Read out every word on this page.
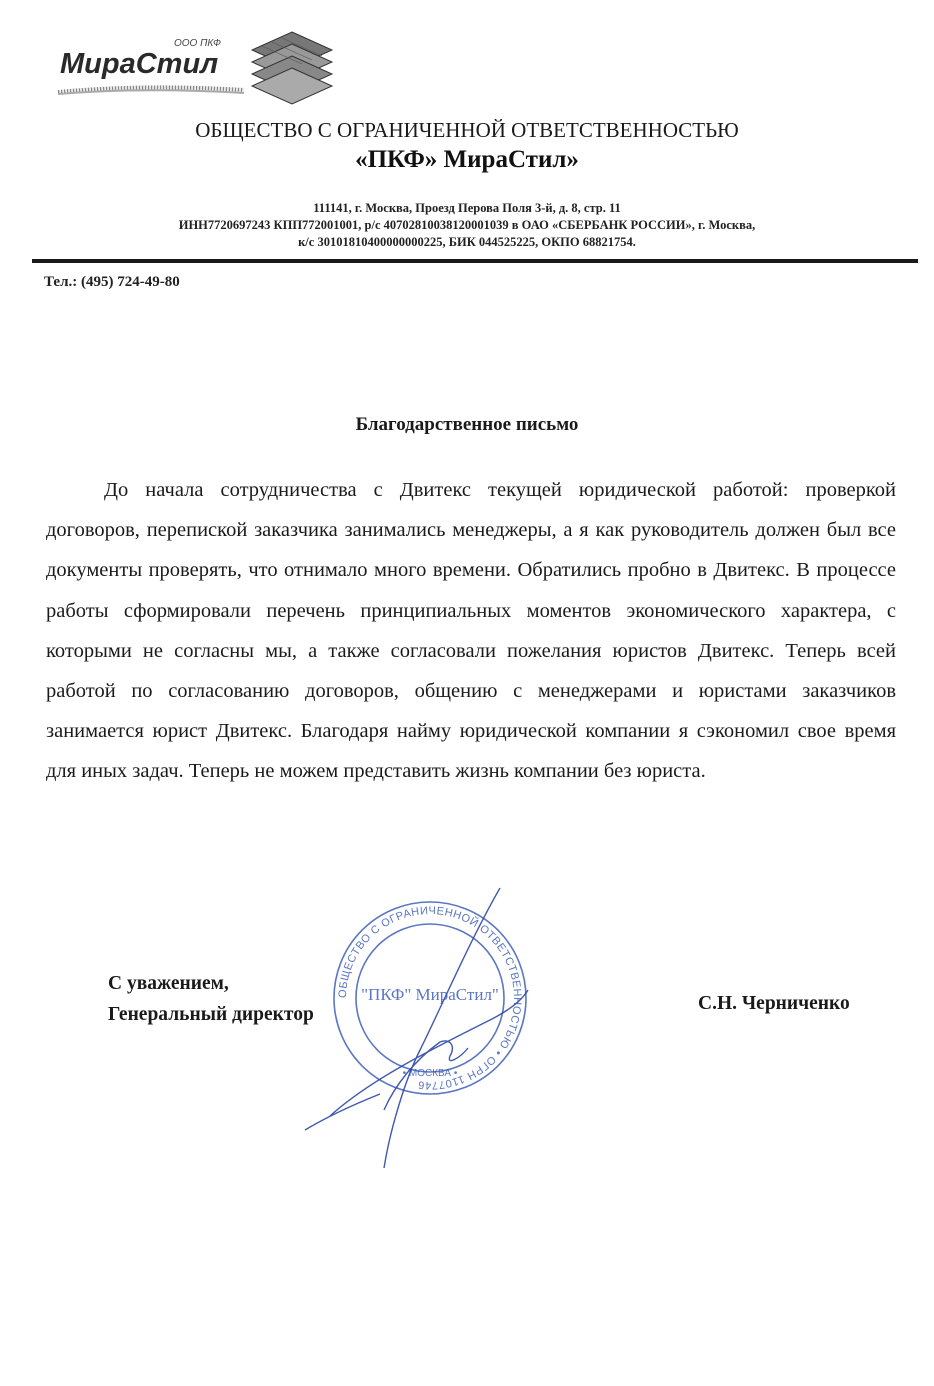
ООО ПКФ
МираСтил
ОБЩЕСТВО С ОГРАНИЧЕННОЙ ОТВЕТСТВЕННОСТЬЮ
«ПКФ» МираСтил»
111141, г. Москва, Проезд Перова Поля 3-й, д. 8, стр. 11
ИНН7720697243 КПП772001001, р/с 40702810038120001039 в ОАО «СБЕРБАНК РОССИИ», г. Москва,
к/с 30101810400000000225, БИК 044525225, ОКПО 68821754.
Тел.: (495) 724-49-80
Благодарственное письмо

До начала сотрудничества с Двитекс текущей юридической работой: проверкой договоров, перепиской заказчика занимались менеджеры, а я как руководитель должен был все документы проверять, что отнимало много времени. Обратились пробно в Двитекс. В процессе работы сформировали перечень принципиальных моментов экономического характера, с которыми не согласны мы, а также согласовали пожелания юристов Двитекс. Теперь всей работой по согласованию договоров, общению с менеджерами и юристами заказчиков занимается юрист Двитекс. Благодаря найму юридической компании я сэкономил свое время для иных задач. Теперь не можем представить жизнь компании без юриста.

ОБЩЕСТВО С ОГРАНИЧЕННОЙ ОТВЕТСТВЕННОСТЬЮ • ОГРН 1107746
"ПКФ" МираСтил"
• МОСКВА •
С уважением,
Генеральный директор
С.Н. Черниченко
